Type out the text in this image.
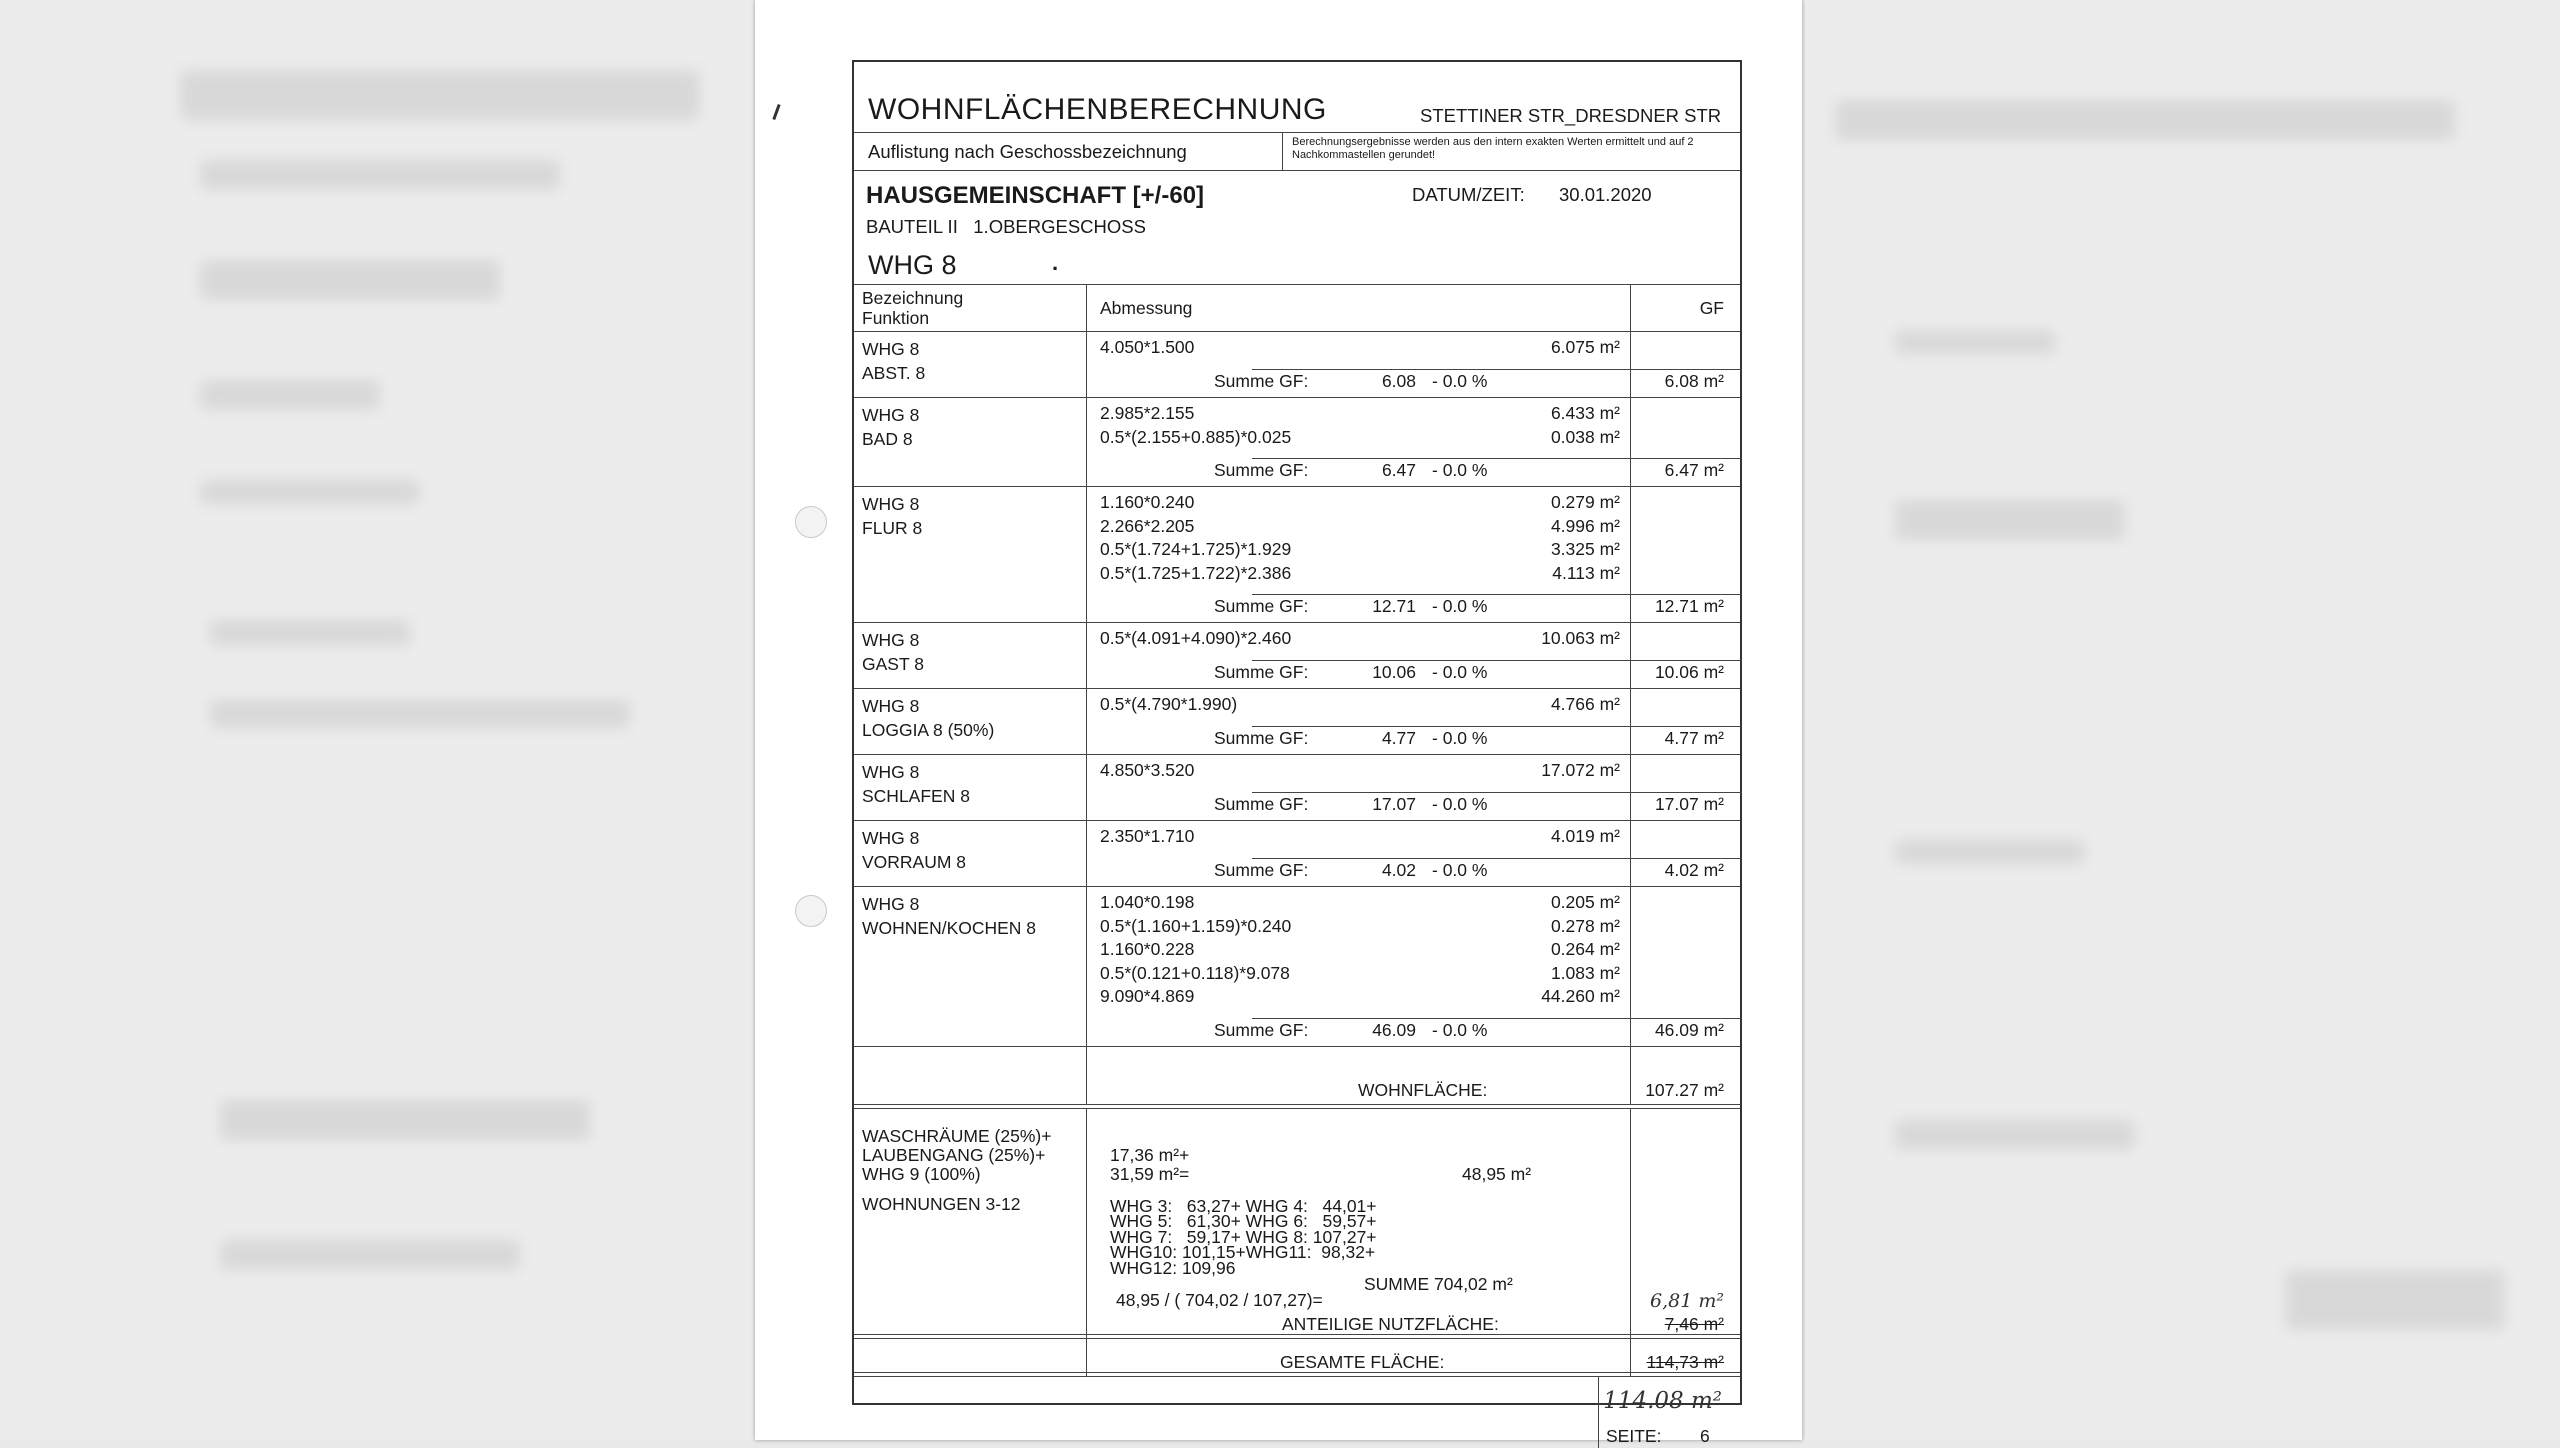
WOHNFLÄCHENBERECHNUNG	STETTINER STR_DRESDNER STR
Auflistung nach Geschossbezeichnung	Berechnungsergebnisse werden aus den intern exakten Werten ermittelt und auf 2 Nachkommastellen gerundet!
HAUSGEMEINSCHAFT [+/-60]	DATUM/ZEIT: 30.01.2020
BAUTEIL II   1.OBERGESCHOSS
WHG 8	.
Bezeichnung
Funktion	Abmessung	GF
WHG 8
ABST. 8
4.050*1.500	6.075 m²
Summe GF:	6.08 - 0.0 %	6.08 m²
WHG 8
BAD 8
2.985*2.155	6.433 m²
0.5*(2.155+0.885)*0.025	0.038 m²
Summe GF:	6.47 - 0.0 %	6.47 m²
WHG 8
FLUR 8
1.160*0.240	0.279 m²
2.266*2.205	4.996 m²
0.5*(1.724+1.725)*1.929	3.325 m²
0.5*(1.725+1.722)*2.386	4.113 m²
Summe GF:	12.71 - 0.0 %	12.71 m²
WHG 8
GAST 8
0.5*(4.091+4.090)*2.460	10.063 m²
Summe GF:	10.06 - 0.0 %	10.06 m²
WHG 8
LOGGIA 8 (50%)
0.5*(4.790*1.990)	4.766 m²
Summe GF:	4.77 - 0.0 %	4.77 m²
WHG 8
SCHLAFEN 8
4.850*3.520	17.072 m²
Summe GF:	17.07 - 0.0 %	17.07 m²
WHG 8
VORRAUM 8
2.350*1.710	4.019 m²
Summe GF:	4.02 - 0.0 %	4.02 m²
WHG 8
WOHNEN/KOCHEN 8
1.040*0.198	0.205 m²
0.5*(1.160+1.159)*0.240	0.278 m²
1.160*0.228	0.264 m²
0.5*(0.121+0.118)*9.078	1.083 m²
9.090*4.869	44.260 m²
Summe GF:	46.09 - 0.0 %	46.09 m²
WOHNFLÄCHE:	107.27 m²
WASCHRÄUME (25%)+
LAUBENGANG (25%)+
WHG 9 (100%)
WOHNUNGEN 3-12
17,36 m²+
31,59 m²=	48,95 m²
WHG 3:   63,27+ WHG 4:   44,01+
WHG 5:   61,30+ WHG 6:   59,57+
WHG 7:   59,17+ WHG 8: 107,27+
WHG10: 101,15+WHG11:  98,32+
WHG12: 109,96
SUMME 704,02 m²
48,95 / ( 704,02 / 107,27)=
ANTEILIGE NUTZFLÄCHE:	7,46 m²
6,81 m²
GESAMTE FLÄCHE:	114,73 m²
114.08 m²
SEITE: 6
